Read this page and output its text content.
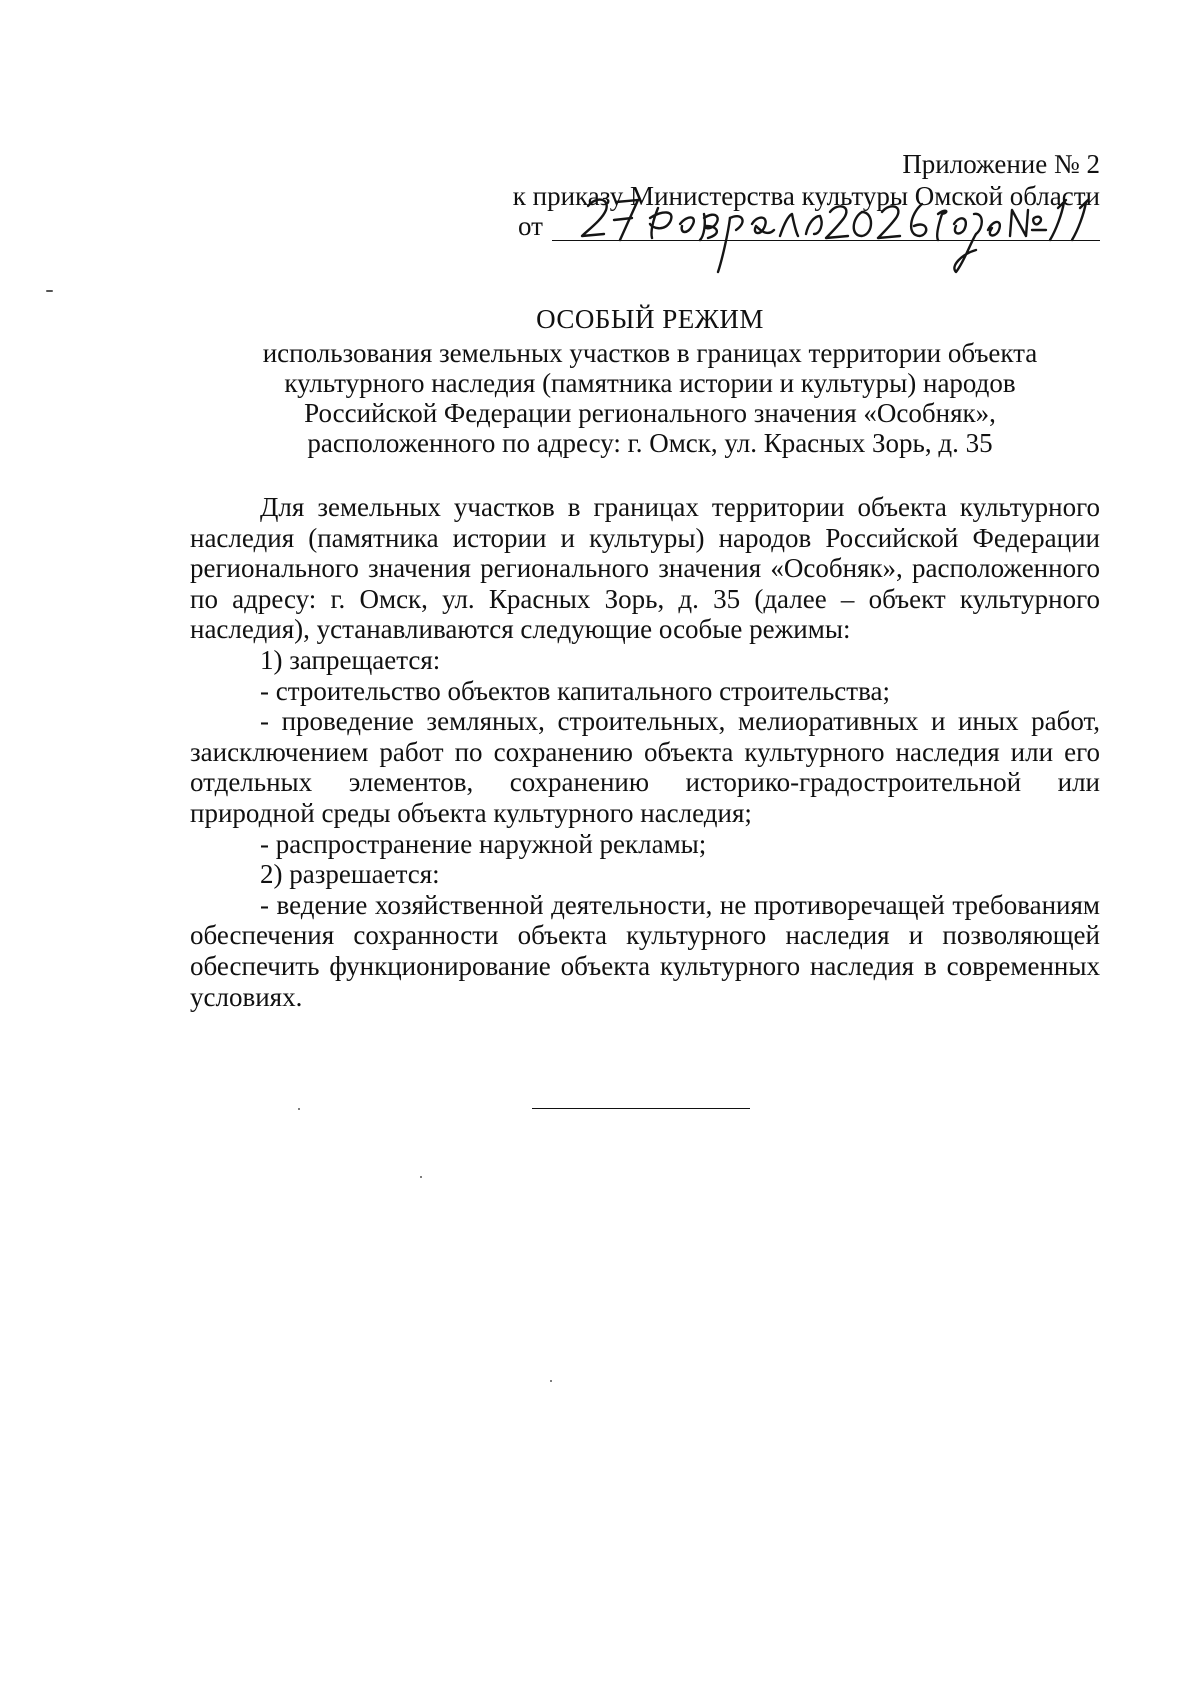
Приложение № 2
к приказу Министерства культуры Омской области
от
ОСОБЫЙ РЕЖИМ
использования земельных участков в границах территории объекта
культурного наследия (памятника истории и культуры) народов
Российской Федерации регионального значения «Особняк»,
расположенного по адресу: г. Омск, ул. Красных Зорь, д. 35

Для земельных участков в границах территории объекта культурного наследия (памятника истории и культуры) народов Российской Федерации регионального значения регионального значения «Особняк», расположенного по адресу: г. Омск, ул. Красных Зорь, д. 35 (далее – объект культурного наследия), устанавливаются следующие особые режимы:

1) запрещается:

- строительство объектов капитального строительства;

- проведение земляных, строительных, мелиоративных и иных работ, заисключением работ по сохранению объекта культурного наследия или его отдельных элементов, сохранению историко-градостроительной или природной среды объекта культурного наследия;

- распространение наружной рекламы;

2) разрешается:

- ведение хозяйственной деятельности, не противоречащей требованиям обеспечения сохранности объекта культурного наследия и позволяющей обеспечить функционирование объекта культурного наследия в современных условиях.
